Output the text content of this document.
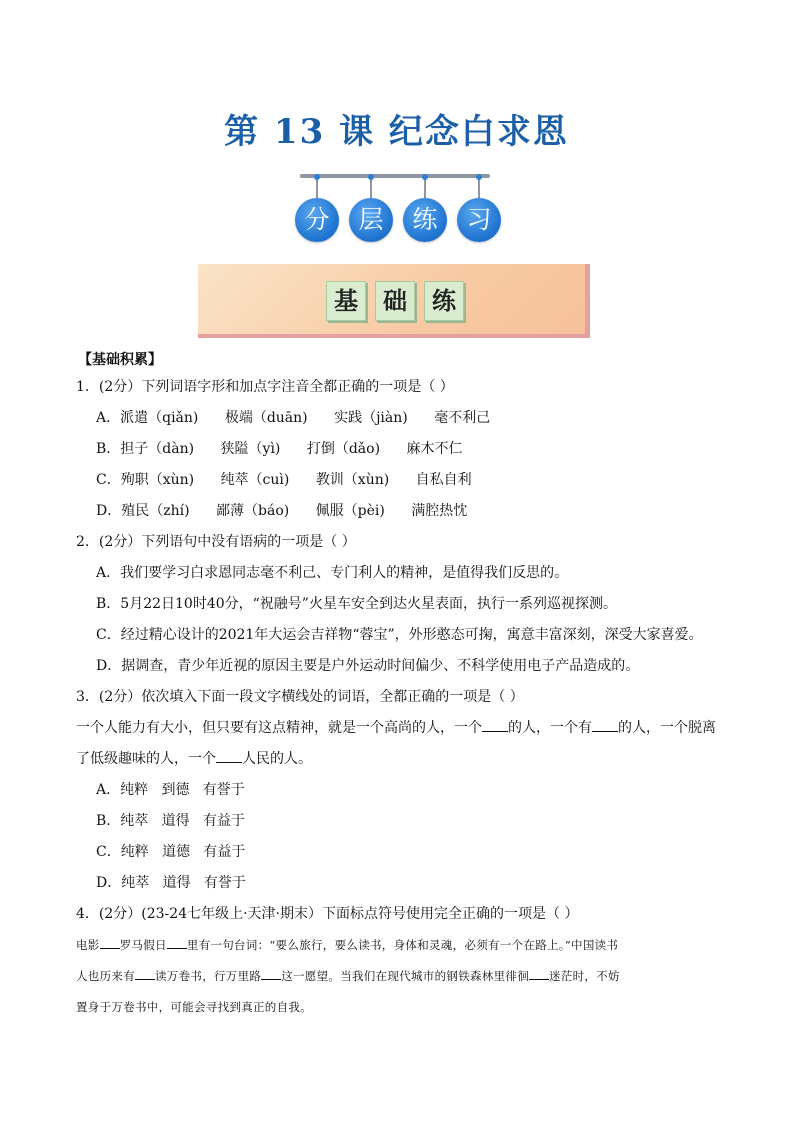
第 13 课 纪念白求恩
分	层	练	习
基	础	练
【基础积累】
1．(2分）下列词语字形和加点字注音全都正确的一项是（ ）
A．派遣（qiǎn) 极端（duān) 实践（jiàn) 毫不利己
B．担子（dàn) 狭隘（yì) 打倒（dǎo) 麻木不仁
C．殉职（xùn) 纯萃（cuì) 教训（xùn) 自私自利
D．殖民（zhí) 鄙薄（báo) 佩服（pèi) 满腔热忱
2．(2分）下列语句中没有语病的一项是（ ）
A．我们要学习白求恩同志毫不利己、专门利人的精神，是值得我们反思的。
B．5月22日10时40分，“祝融号”火星车安全到达火星表面，执行一系列巡视探测。
C．经过精心设计的2021年大运会吉祥物“蓉宝”，外形憨态可掬，寓意丰富深刻，深受大家喜爱。
D．据调查，青少年近视的原因主要是户外运动时间偏少、不科学使用电子产品造成的。
3．(2分）依次填入下面一段文字横线处的词语，全都正确的一项是（ ）
一个人能力有大小，但只要有这点精神，就是一个高尚的人，一个 的人，一个有 的人，一个脱离
了低级趣味的人，一个 人民的人。
A．纯粹   到德   有誉于
B．纯萃   道得   有益于
C．纯粹   道德   有益于
D．纯萃   道得   有誉于
4．(2分）(23-24七年级上·天津·期末）下面标点符号使用完全正确的一项是（ ）
电影 罗马假日 里有一句台词：“要么旅行，要么读书，身体和灵魂，必须有一个在路上。”中国读书
人也历来有 读万卷书，行万里路 这一愿望。当我们在现代城市的钢铁森林里徘徊 迷茫时，不妨
置身于万卷书中，可能会寻找到真正的自我。
